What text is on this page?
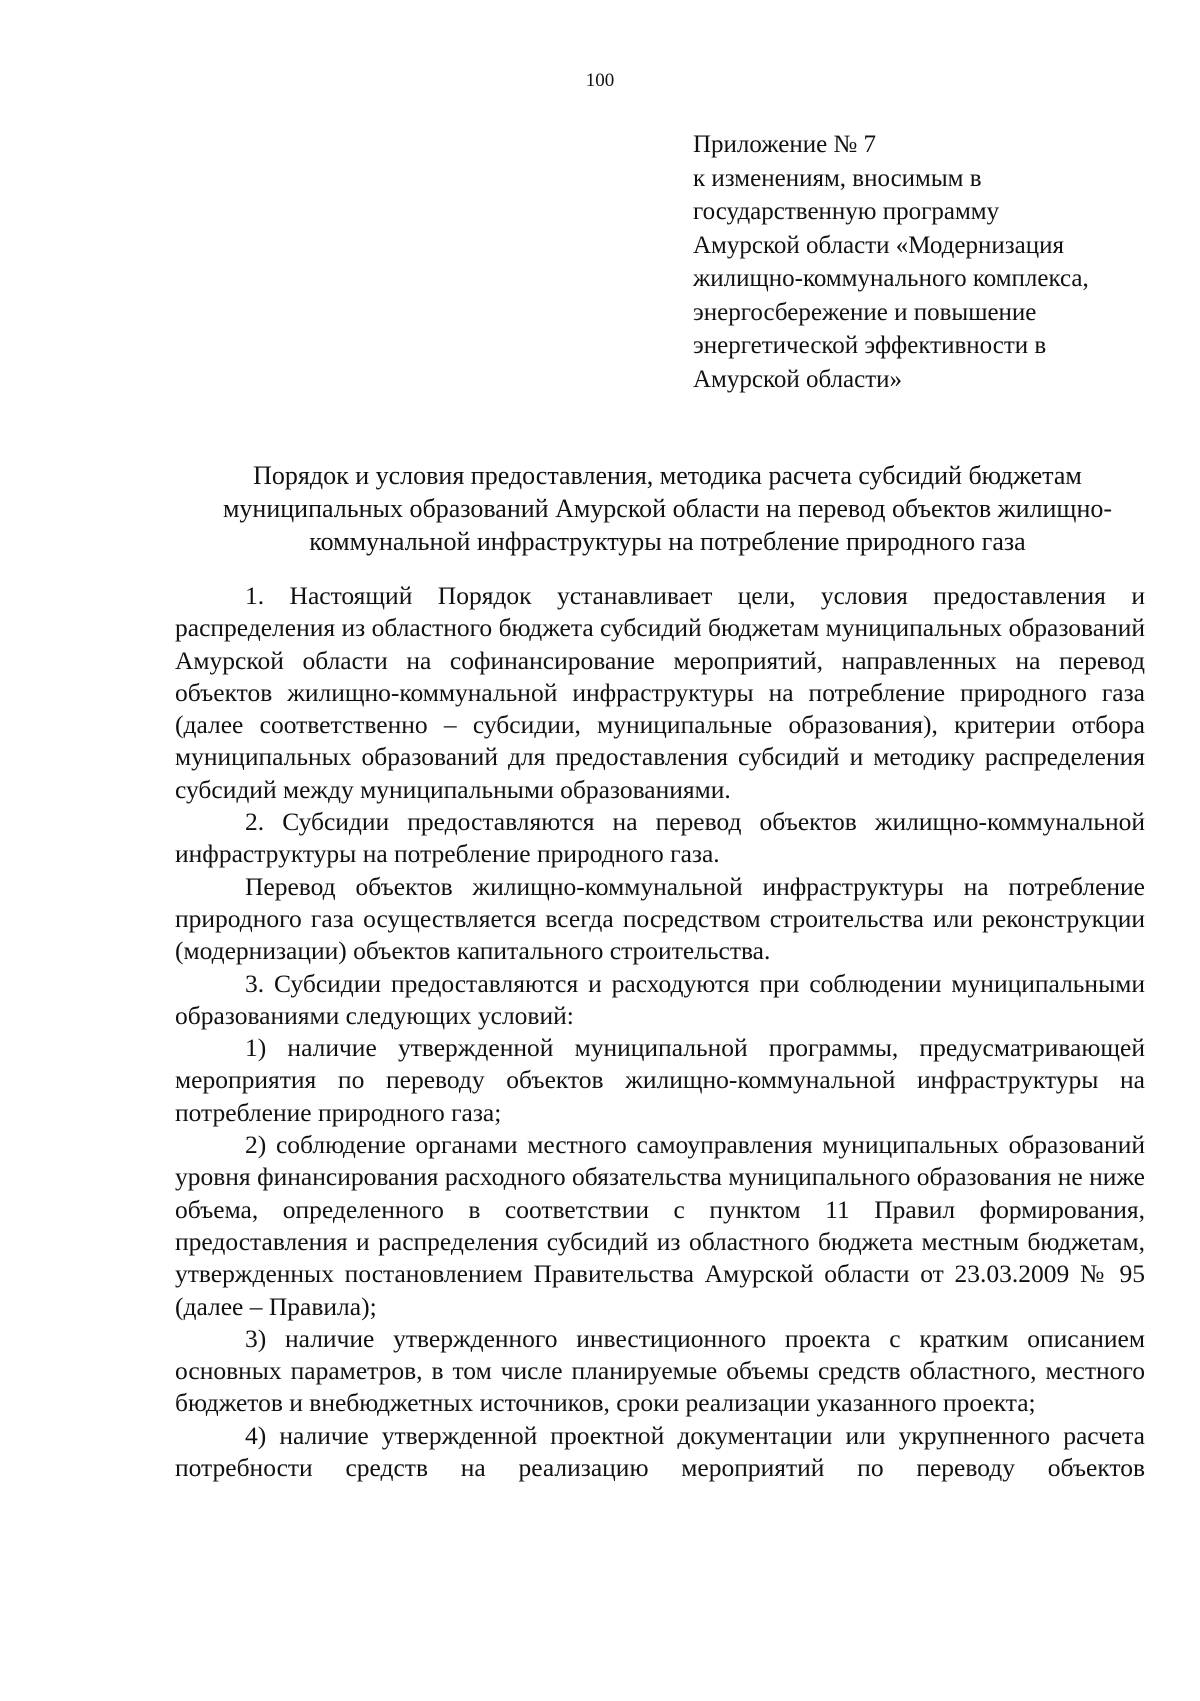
100
Приложение № 7
к изменениям, вносимым в
государственную программу
Амурской области «Модернизация
жилищно-коммунального комплекса,
энергосбережение и повышение
энергетической эффективности в
Амурской области»
Порядок и условия предоставления, методика расчета субсидий бюджетам
муниципальных образований Амурской области на перевод объектов жилищно-
коммунальной инфраструктуры на потребление природного газа

1. Настоящий Порядок устанавливает цели, условия предоставления и распределения из областного бюджета субсидий бюджетам муниципальных образований Амурской области на софинансирование мероприятий, направленных на перевод объектов жилищно-коммунальной инфраструктуры на потребление природного газа (далее соответственно – субсидии, муниципальные образования), критерии отбора муниципальных образований для предоставления субсидий и методику распределения субсидий между муниципальными образованиями.

2. Субсидии предоставляются на перевод объектов жилищно-коммунальной инфраструктуры на потребление природного газа.

Перевод объектов жилищно-коммунальной инфраструктуры на потребление природного газа осуществляется всегда посредством строительства или реконструкции (модернизации) объектов капитального строительства.

3. Субсидии предоставляются и расходуются при соблюдении муниципальными образованиями следующих условий:

1) наличие утвержденной муниципальной программы, предусматривающей мероприятия по переводу объектов жилищно-коммунальной инфраструктуры на потребление природного газа;

2) соблюдение органами местного самоуправления муниципальных образований уровня финансирования расходного обязательства муниципального образования не ниже объема, определенного в соответствии с пунктом 11 Правил формирования, предоставления и распределения субсидий из областного бюджета местным бюджетам, утвержденных постановлением Правительства Амурской области от 23.03.2009 № 95 (далее – Правила);

3) наличие утвержденного инвестиционного проекта с кратким описанием основных параметров, в том числе планируемые объемы средств областного, местного бюджетов и внебюджетных источников, сроки реализации указанного проекта;

4) наличие утвержденной проектной документации или укрупненного расчета потребности средств на реализацию мероприятий по переводу объектов
